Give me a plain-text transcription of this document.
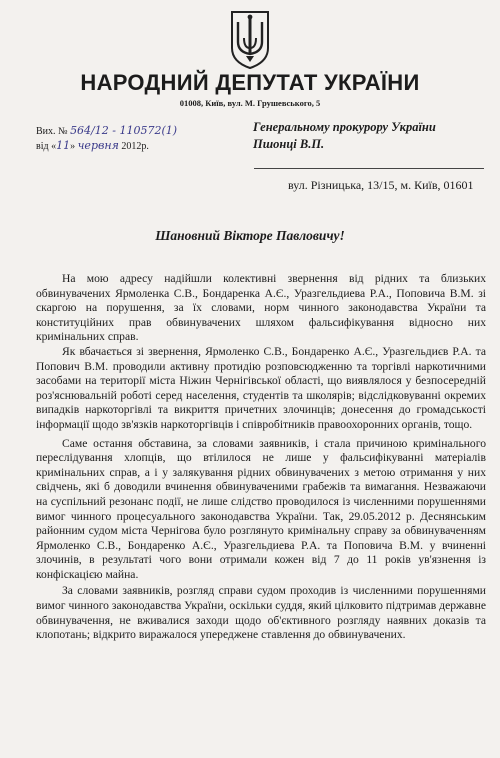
НАРОДНИЙ ДЕПУТАТ УКРАЇНИ
01008, Київ, вул. М. Грушевського, 5
Вих. № 564/12 - 110572(1)
від «11» червня 2012р.
Генеральному прокурору України
Пшонці В.П.
вул. Різницька, 13/15, м. Київ, 01601
Шановний Вікторе Павловичу!

На мою адресу надійшли колективні звернення від рідних та близьких обвинувачених Ярмоленка С.В., Бондаренка А.Є., Уразгельдиева Р.А., Поповича В.М. зі скаргою на порушення, за їх словами, норм чинного законодавства України та конституційних прав обвинувачених шляхом фальсифікування відносно них кримінальних справ.

Як вбачається зі звернення, Ярмоленко С.В., Бондаренко А.Є., Уразгельдиєв Р.А. та Попович В.М. проводили активну протидію розповсюдженню та торгівлі наркотичними засобами на території міста Ніжин Чернігівської області, що виявлялося у безпосередній роз'яснювальній роботі серед населення, студентів та школярів; відслідковуванні окремих випадків наркоторгівлі та викриття причетних злочинців; донесення до громадськості інформації щодо зв'язків наркоторгівців і співробітників правоохоронних органів, тощо.

Саме остання обставина, за словами заявників, і стала причиною кримінального переслідування хлопців, що втілилося не лише у фальсифікуванні матеріалів кримінальних справ, а і у залякування рідних обвинувачених з метою отримання у них свідчень, які б доводили вчинення обвинуваченими грабежів та вимагання. Незважаючи на суспільний резонанс події, не лише слідство проводилося із численними порушеннями вимог чинного процесуального законодавства України. Так, 29.05.2012 р. Деснянським районним судом міста Чернігова було розглянуто кримінальну справу за обвинуваченням Ярмоленко С.В., Бондаренко А.Є., Уразгельдиева Р.А. та Поповича В.М. у вчиненні злочинів, в результаті чого вони отримали кожен від 7 до 11 років ув'язнення із конфіскацією майна.

За словами заявників, розгляд справи судом проходив із численними порушеннями вимог чинного законодавства України, оскільки суддя, який цілковито підтримав державне обвинувачення, не вживалися заходи щодо об'єктивного розгляду наявних доказів та клопотань; відкрито виражалося упереджене ставлення до обвинувачених.
